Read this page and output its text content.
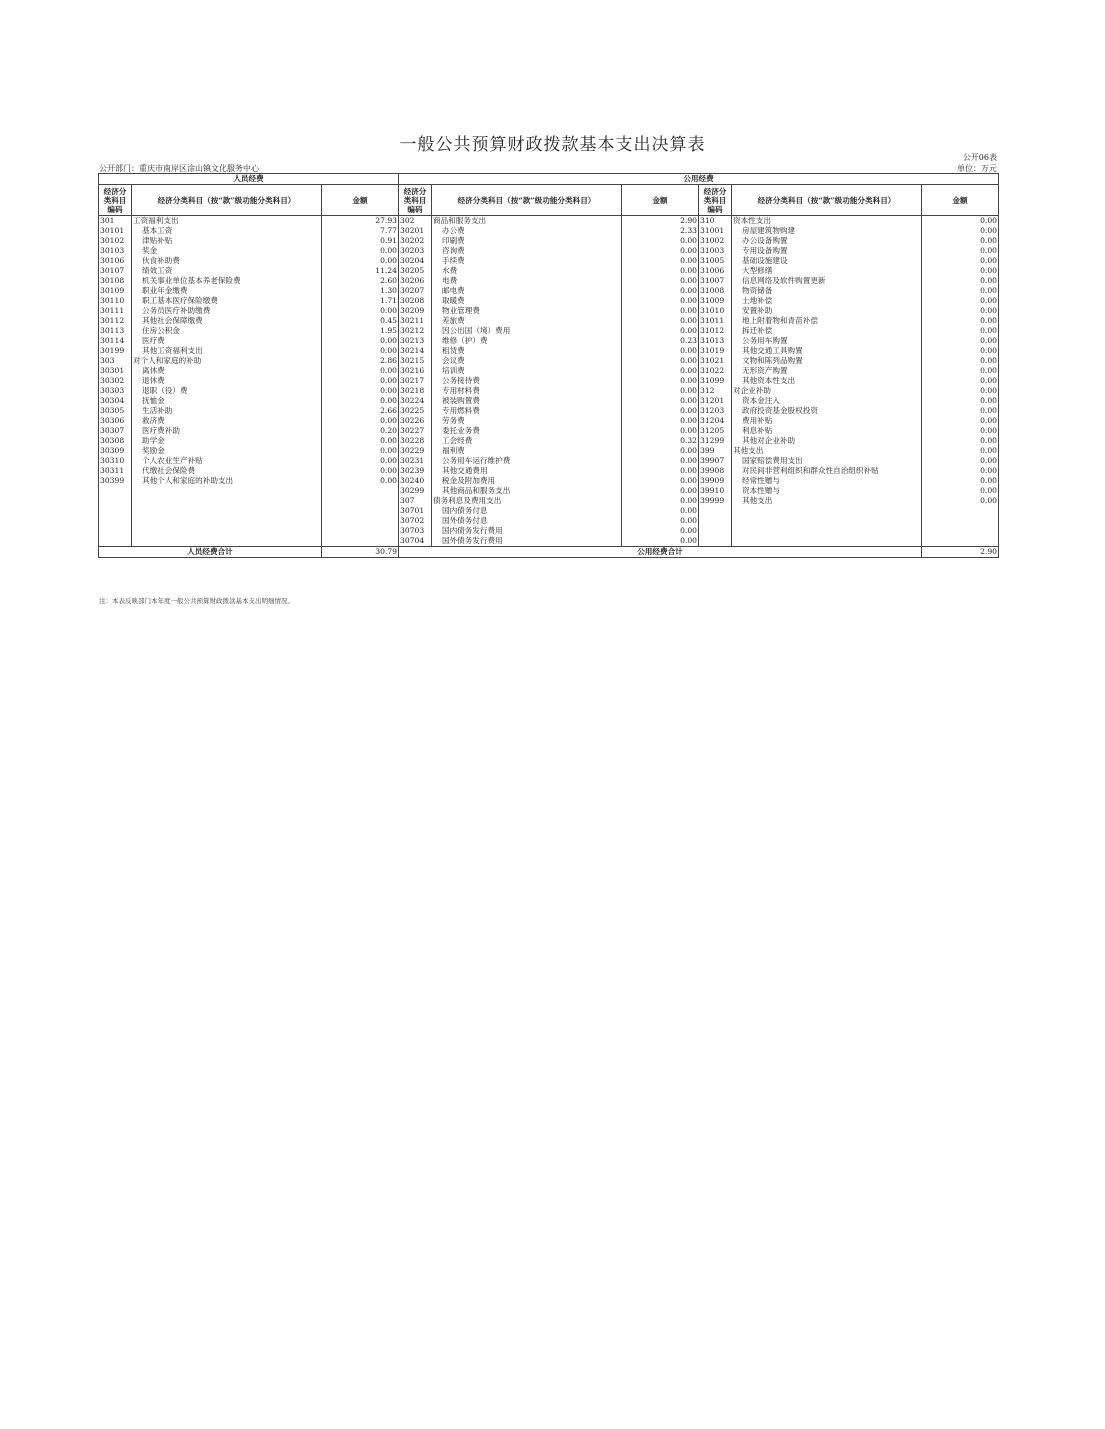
一般公共预算财政拨款基本支出决算表
公开06表
公开部门：重庆市南岸区涂山镇文化服务中心	单位：万元
人员经费			公用经费					
经济分类科目编码	经济分类科目（按“款”级功能分类科目）	金额	经济分类科目编码	经济分类科目（按“款”级功能分类科目）	金额	经济分类科目编码	经济分类科目（按“款”级功能分类科目）	金额
301	工资福利支出	27.93	302	商品和服务支出	2.90	310	资本性支出	0.00
30101	基本工资	7.77	30201	办公费	2.33	31001	房屋建筑物购建	0.00
30102	津贴补贴	0.91	30202	印刷费	0.00	31002	办公设备购置	0.00
30103	奖金	0.00	30203	咨询费	0.00	31003	专用设备购置	0.00
30106	伙食补助费	0.00	30204	手续费	0.00	31005	基础设施建设	0.00
30107	绩效工资	11.24	30205	水费	0.00	31006	大型修缮	0.00
30108	机关事业单位基本养老保险费	2.60	30206	电费	0.00	31007	信息网络及软件购置更新	0.00
30109	职业年金缴费	1.30	30207	邮电费	0.00	31008	物资储备	0.00
30110	职工基本医疗保险缴费	1.71	30208	取暖费	0.00	31009	土地补偿	0.00
30111	公务员医疗补助缴费	0.00	30209	物业管理费	0.00	31010	安置补助	0.00
30112	其他社会保障缴费	0.45	30211	差旅费	0.00	31011	地上附着物和青苗补偿	0.00
30113	住房公积金	1.95	30212	因公出国（境）费用	0.00	31012	拆迁补偿	0.00
30114	医疗费	0.00	30213	维修（护）费	0.23	31013	公务用车购置	0.00
30199	其他工资福利支出	0.00	30214	租赁费	0.00	31019	其他交通工具购置	0.00
303	对个人和家庭的补助	2.86	30215	会议费	0.00	31021	文物和陈列品购置	0.00
30301	离休费	0.00	30216	培训费	0.00	31022	无形资产购置	0.00
30302	退休费	0.00	30217	公务接待费	0.00	31099	其他资本性支出	0.00
30303	退职（役）费	0.00	30218	专用材料费	0.00	312	对企业补助	0.00
30304	抚恤金	0.00	30224	被装购置费	0.00	31201	资本金注入	0.00
30305	生活补助	2.66	30225	专用燃料费	0.00	31203	政府投资基金股权投资	0.00
30306	救济费	0.00	30226	劳务费	0.00	31204	费用补贴	0.00
30307	医疗费补助	0.20	30227	委托业务费	0.00	31205	利息补贴	0.00
30308	助学金	0.00	30228	工会经费	0.32	31299	其他对企业补助	0.00
30309	奖励金	0.00	30229	福利费	0.00	399	其他支出	0.00
30310	个人农业生产补贴	0.00	30231	公务用车运行维护费	0.00	39907	国家赔偿费用支出	0.00
30311	代缴社会保险费	0.00	30239	其他交通费用	0.00	39908	对民间非营利组织和群众性自治组织补贴	0.00
30399	其他个人和家庭的补助支出	0.00	30240	税金及附加费用	0.00	39909	经常性赠与	0.00
			30299	其他商品和服务支出	0.00	39910	资本性赠与	0.00
			307	债务利息及费用支出	0.00	39999	其他支出	0.00
			30701	国内债务付息	0.00			
			30702	国外债务付息	0.00			
			30703	国内债务发行费用	0.00			
			30704	国外债务发行费用	0.00			
人员经费合计		30.79	公用经费合计					2.90
注：本表反映部门本年度一般公共预算财政拨款基本支出明细情况。
